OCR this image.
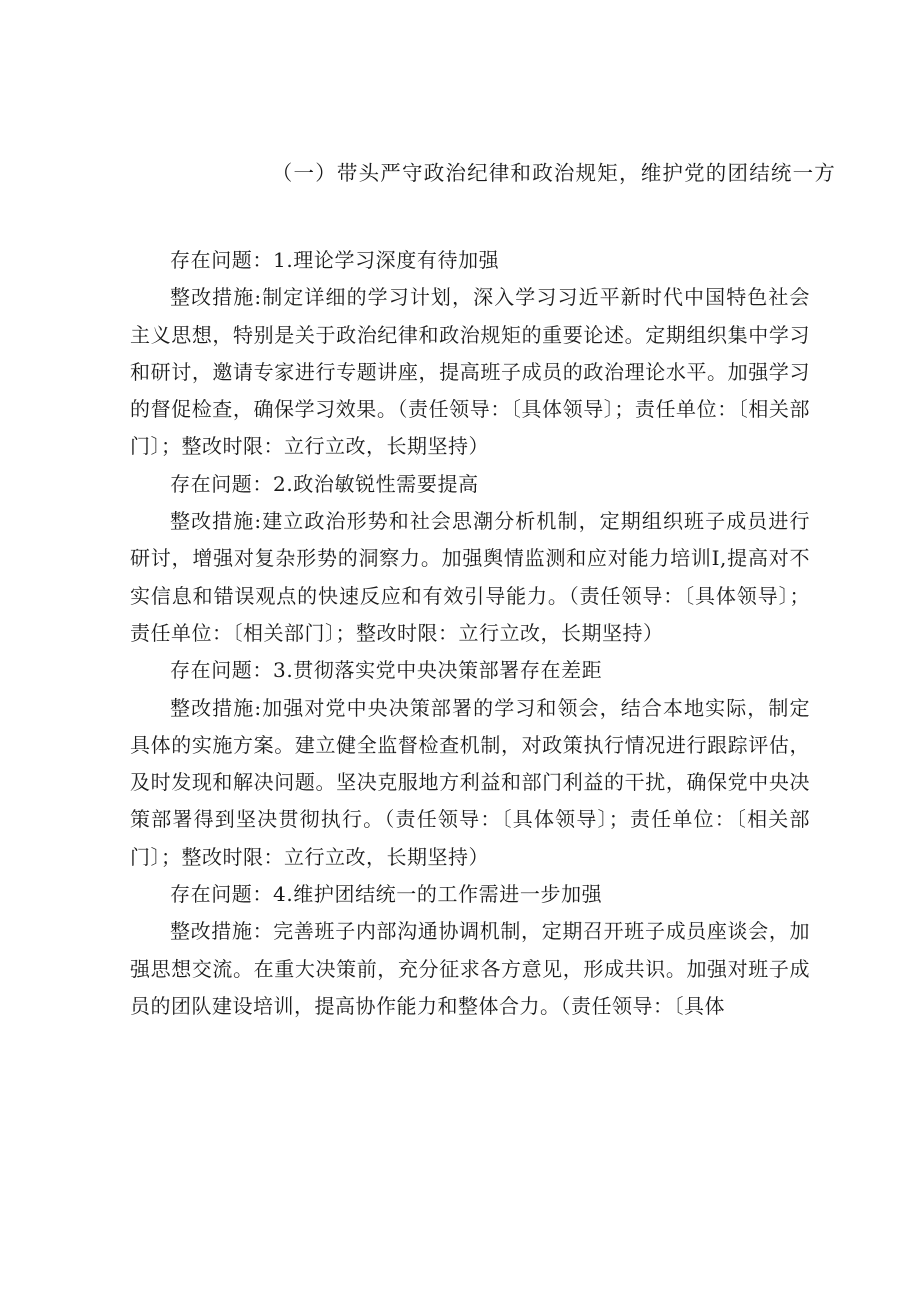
（一）带头严守政治纪律和政治规矩，维护党的团结统一方

存在问题：1.理论学习深度有待加强

整改措施:制定详细的学习计划，深入学习习近平新时代中国特色社会主义思想，特别是关于政治纪律和政治规矩的重要论述。定期组织集中学习和研讨，邀请专家进行专题讲座，提高班子成员的政治理论水平。加强学习的督促检查，确保学习效果。（责任领导：〔具体领导〕；责任单位：〔相关部门〕；整改时限：立行立改，长期坚持）

存在问题：2.政治敏锐性需要提高

整改措施:建立政治形势和社会思潮分析机制，定期组织班子成员进行研讨，增强对复杂形势的洞察力。加强舆情监测和应对能力培训I,提高对不实信息和错误观点的快速反应和有效引导能力。（责任领导：〔具体领导〕；责任单位：〔相关部门〕；整改时限：立行立改，长期坚持）

存在问题：3.贯彻落实党中央决策部署存在差距

整改措施:加强对党中央决策部署的学习和领会，结合本地实际，制定具体的实施方案。建立健全监督检查机制，对政策执行情况进行跟踪评估，及时发现和解决问题。坚决克服地方利益和部门利益的干扰，确保党中央决策部署得到坚决贯彻执行。（责任领导：〔具体领导〕；责任单位：〔相关部门〕；整改时限：立行立改，长期坚持）

存在问题：4.维护团结统一的工作需进一步加强

整改措施：完善班子内部沟通协调机制，定期召开班子成员座谈会，加强思想交流。在重大决策前，充分征求各方意见，形成共识。加强对班子成员的团队建设培训，提高协作能力和整体合力。（责任领导：〔具体
